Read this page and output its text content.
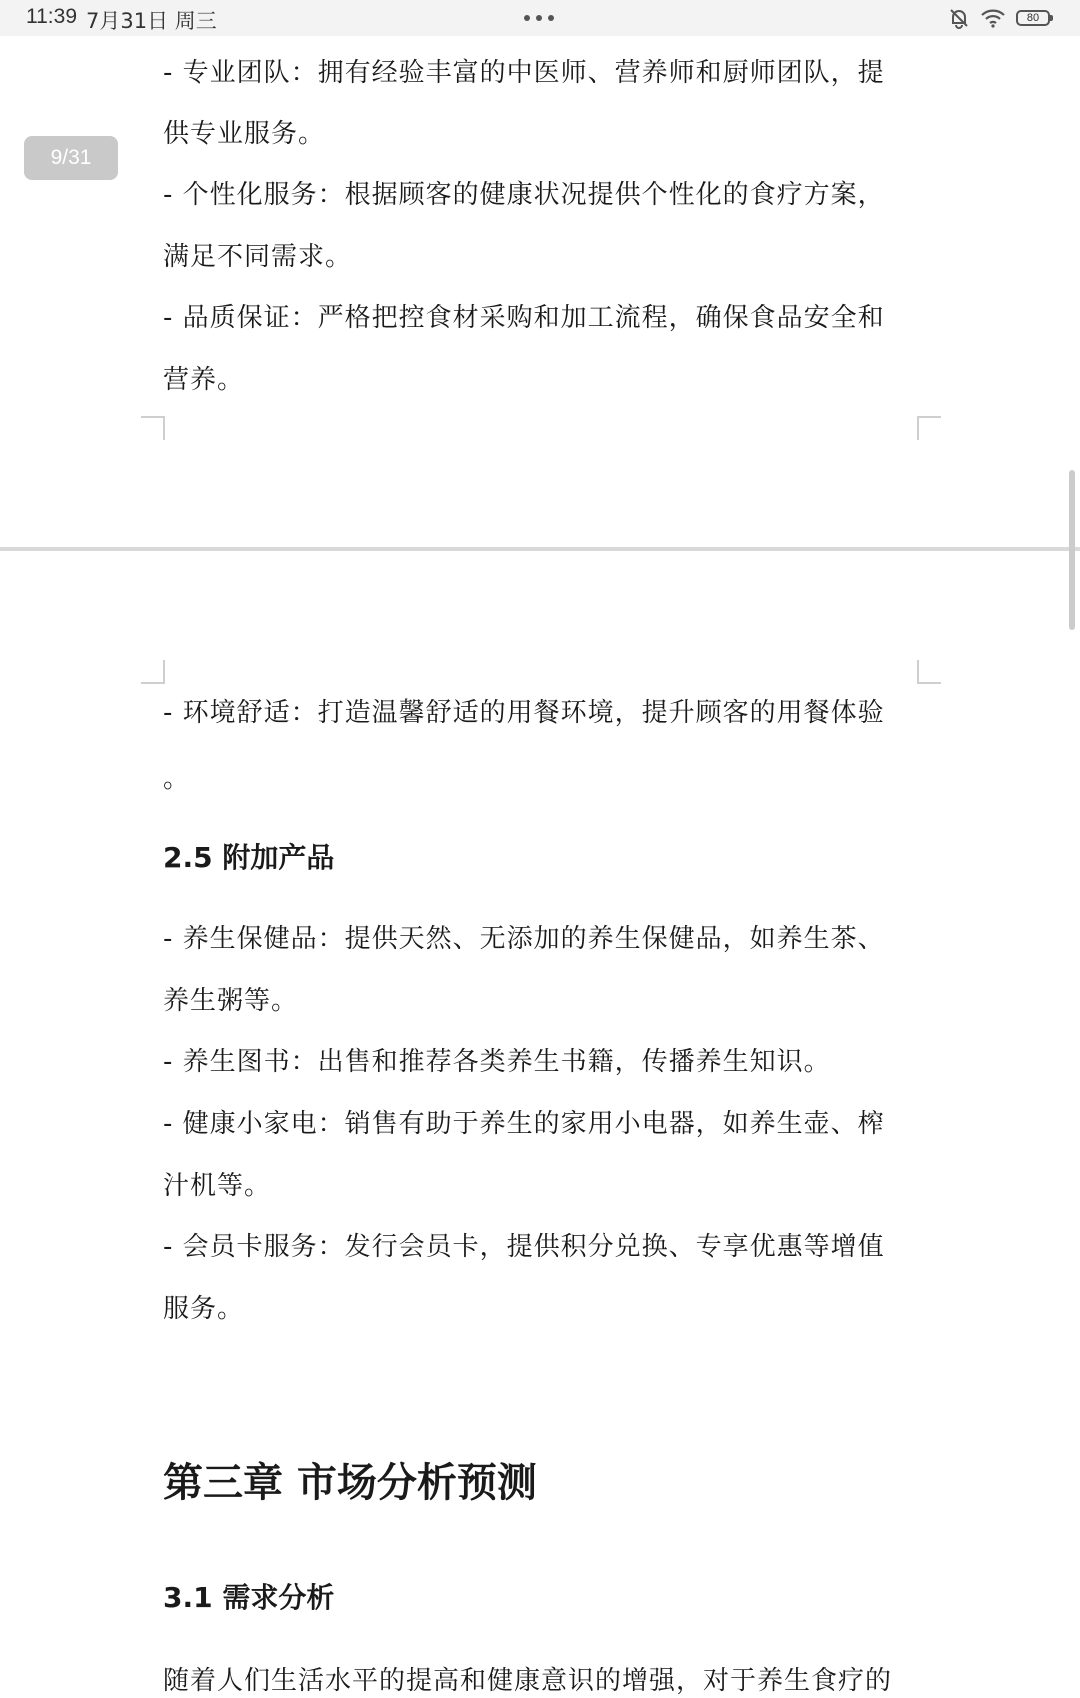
11:39 7月31日 周三	80
9/31
- 专业团队：拥有经验丰富的中医师、营养师和厨师团队，提
供专业服务。
- 个性化服务：根据顾客的健康状况提供个性化的食疗方案，
满足不同需求。
- 品质保证：严格把控食材采购和加工流程，确保食品安全和
营养。
- 环境舒适：打造温馨舒适的用餐环境，提升顾客的用餐体验
。
2.5 附加产品
- 养生保健品：提供天然、无添加的养生保健品，如养生茶、
养生粥等。
- 养生图书：出售和推荐各类养生书籍，传播养生知识。
- 健康小家电：销售有助于养生的家用小电器，如养生壶、榨
汁机等。
- 会员卡服务：发行会员卡，提供积分兑换、专享优惠等增值
服务。
第三章 市场分析预测
3.1 需求分析
随着人们生活水平的提高和健康意识的增强，对于养生食疗的
